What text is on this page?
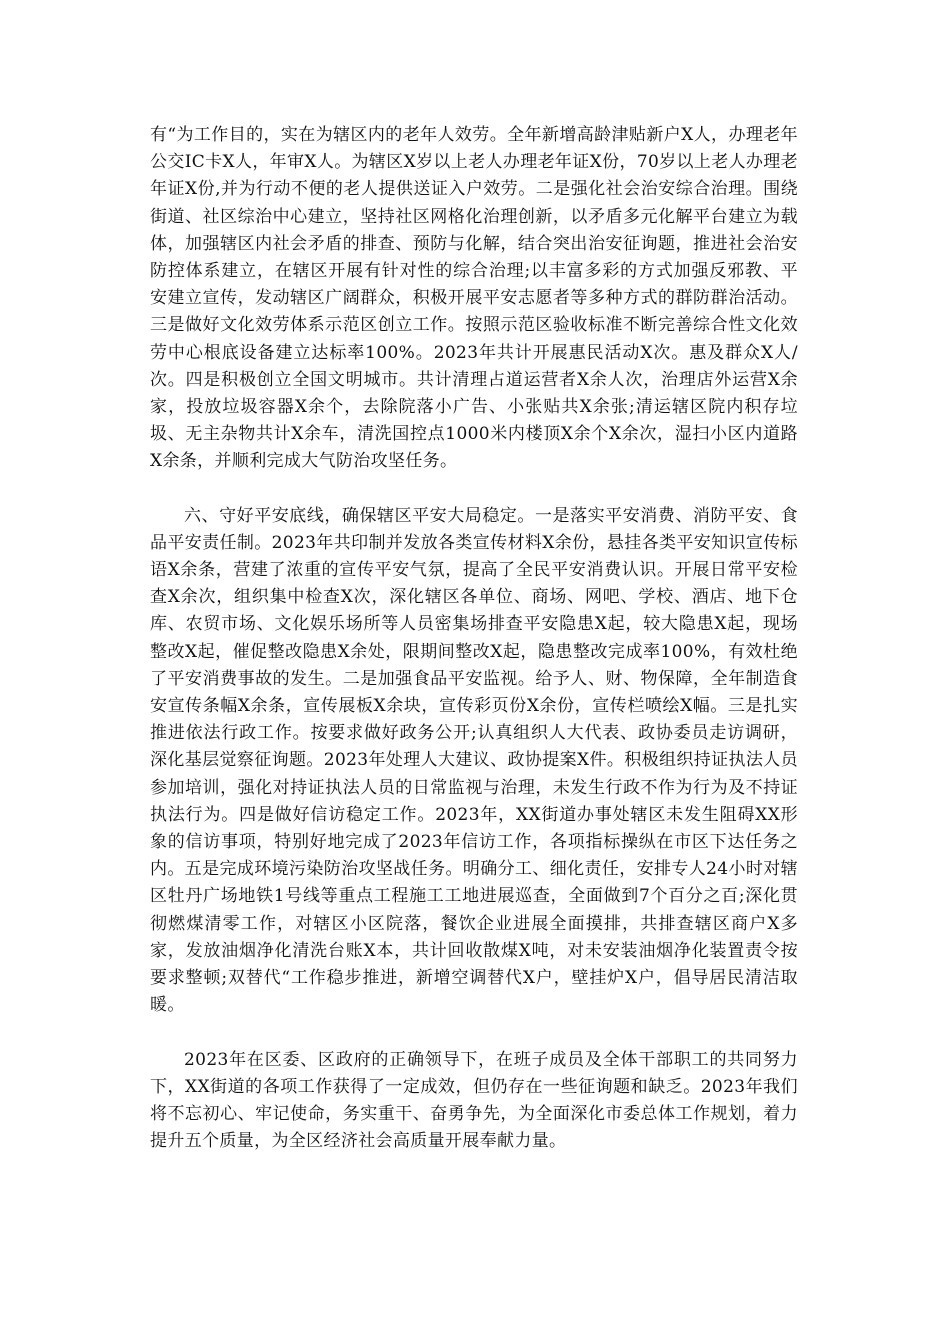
有“为工作目的，实在为辖区内的老年人效劳。全年新增高龄津贴新户X人，办理老年公交IC卡X人，年审X人。为辖区X岁以上老人办理老年证X份，70岁以上老人办理老年证X份,并为行动不便的老人提供送证入户效劳。二是强化社会治安综合治理。围绕街道、社区综治中心建立，坚持社区网格化治理创新，以矛盾多元化解平台建立为载体，加强辖区内社会矛盾的排查、预防与化解，结合突出治安征询题，推进社会治安防控体系建立，在辖区开展有针对性的综合治理;以丰富多彩的方式加强反邪教、平安建立宣传，发动辖区广阔群众，积极开展平安志愿者等多种方式的群防群治活动。三是做好文化效劳体系示范区创立工作。按照示范区验收标准不断完善综合性文化效劳中心根底设备建立达标率100%。2023年共计开展惠民活动X次。惠及群众X人/次。四是积极创立全国文明城市。共计清理占道运营者X余人次，治理店外运营X余家，投放垃圾容器X余个，去除院落小广告、小张贴共X余张;清运辖区院内积存垃圾、无主杂物共计X余车，清洗国控点1000米内楼顶X余个X余次，湿扫小区内道路X余条，并顺利完成大气防治攻坚任务。

六、守好平安底线，确保辖区平安大局稳定。一是落实平安消费、消防平安、食品平安责任制。2023年共印制并发放各类宣传材料X余份，悬挂各类平安知识宣传标语X余条，营建了浓重的宣传平安气氛，提高了全民平安消费认识。开展日常平安检查X余次，组织集中检查X次，深化辖区各单位、商场、网吧、学校、酒店、地下仓库、农贸市场、文化娱乐场所等人员密集场排查平安隐患X起，较大隐患X起，现场整改X起，催促整改隐患X余处，限期间整改X起，隐患整改完成率100%，有效杜绝了平安消费事故的发生。二是加强食品平安监视。给予人、财、物保障，全年制造食安宣传条幅X余条，宣传展板X余块，宣传彩页份X余份，宣传栏喷绘X幅。三是扎实推进依法行政工作。按要求做好政务公开;认真组织人大代表、政协委员走访调研，深化基层觉察征询题。2023年处理人大建议、政协提案X件。积极组织持证执法人员参加培训，强化对持证执法人员的日常监视与治理，未发生行政不作为行为及不持证执法行为。四是做好信访稳定工作。2023年，XX街道办事处辖区未发生阻碍XX形象的信访事项，特别好地完成了2023年信访工作，各项指标操纵在市区下达任务之内。五是完成环境污染防治攻坚战任务。明确分工、细化责任，安排专人24小时对辖区牡丹广场地铁1号线等重点工程施工工地进展巡查，全面做到7个百分之百;深化贯彻燃煤清零工作，对辖区小区院落，餐饮企业进展全面摸排，共排查辖区商户X多家，发放油烟净化清洗台账X本，共计回收散煤X吨，对未安装油烟净化装置责令按要求整顿;双替代“工作稳步推进，新增空调替代X户，壁挂炉X户，倡导居民清洁取暖。

2023年在区委、区政府的正确领导下，在班子成员及全体干部职工的共同努力下，XX街道的各项工作获得了一定成效，但仍存在一些征询题和缺乏。2023年我们将不忘初心、牢记使命，务实重干、奋勇争先，为全面深化市委总体工作规划，着力提升五个质量，为全区经济社会高质量开展奉献力量。
